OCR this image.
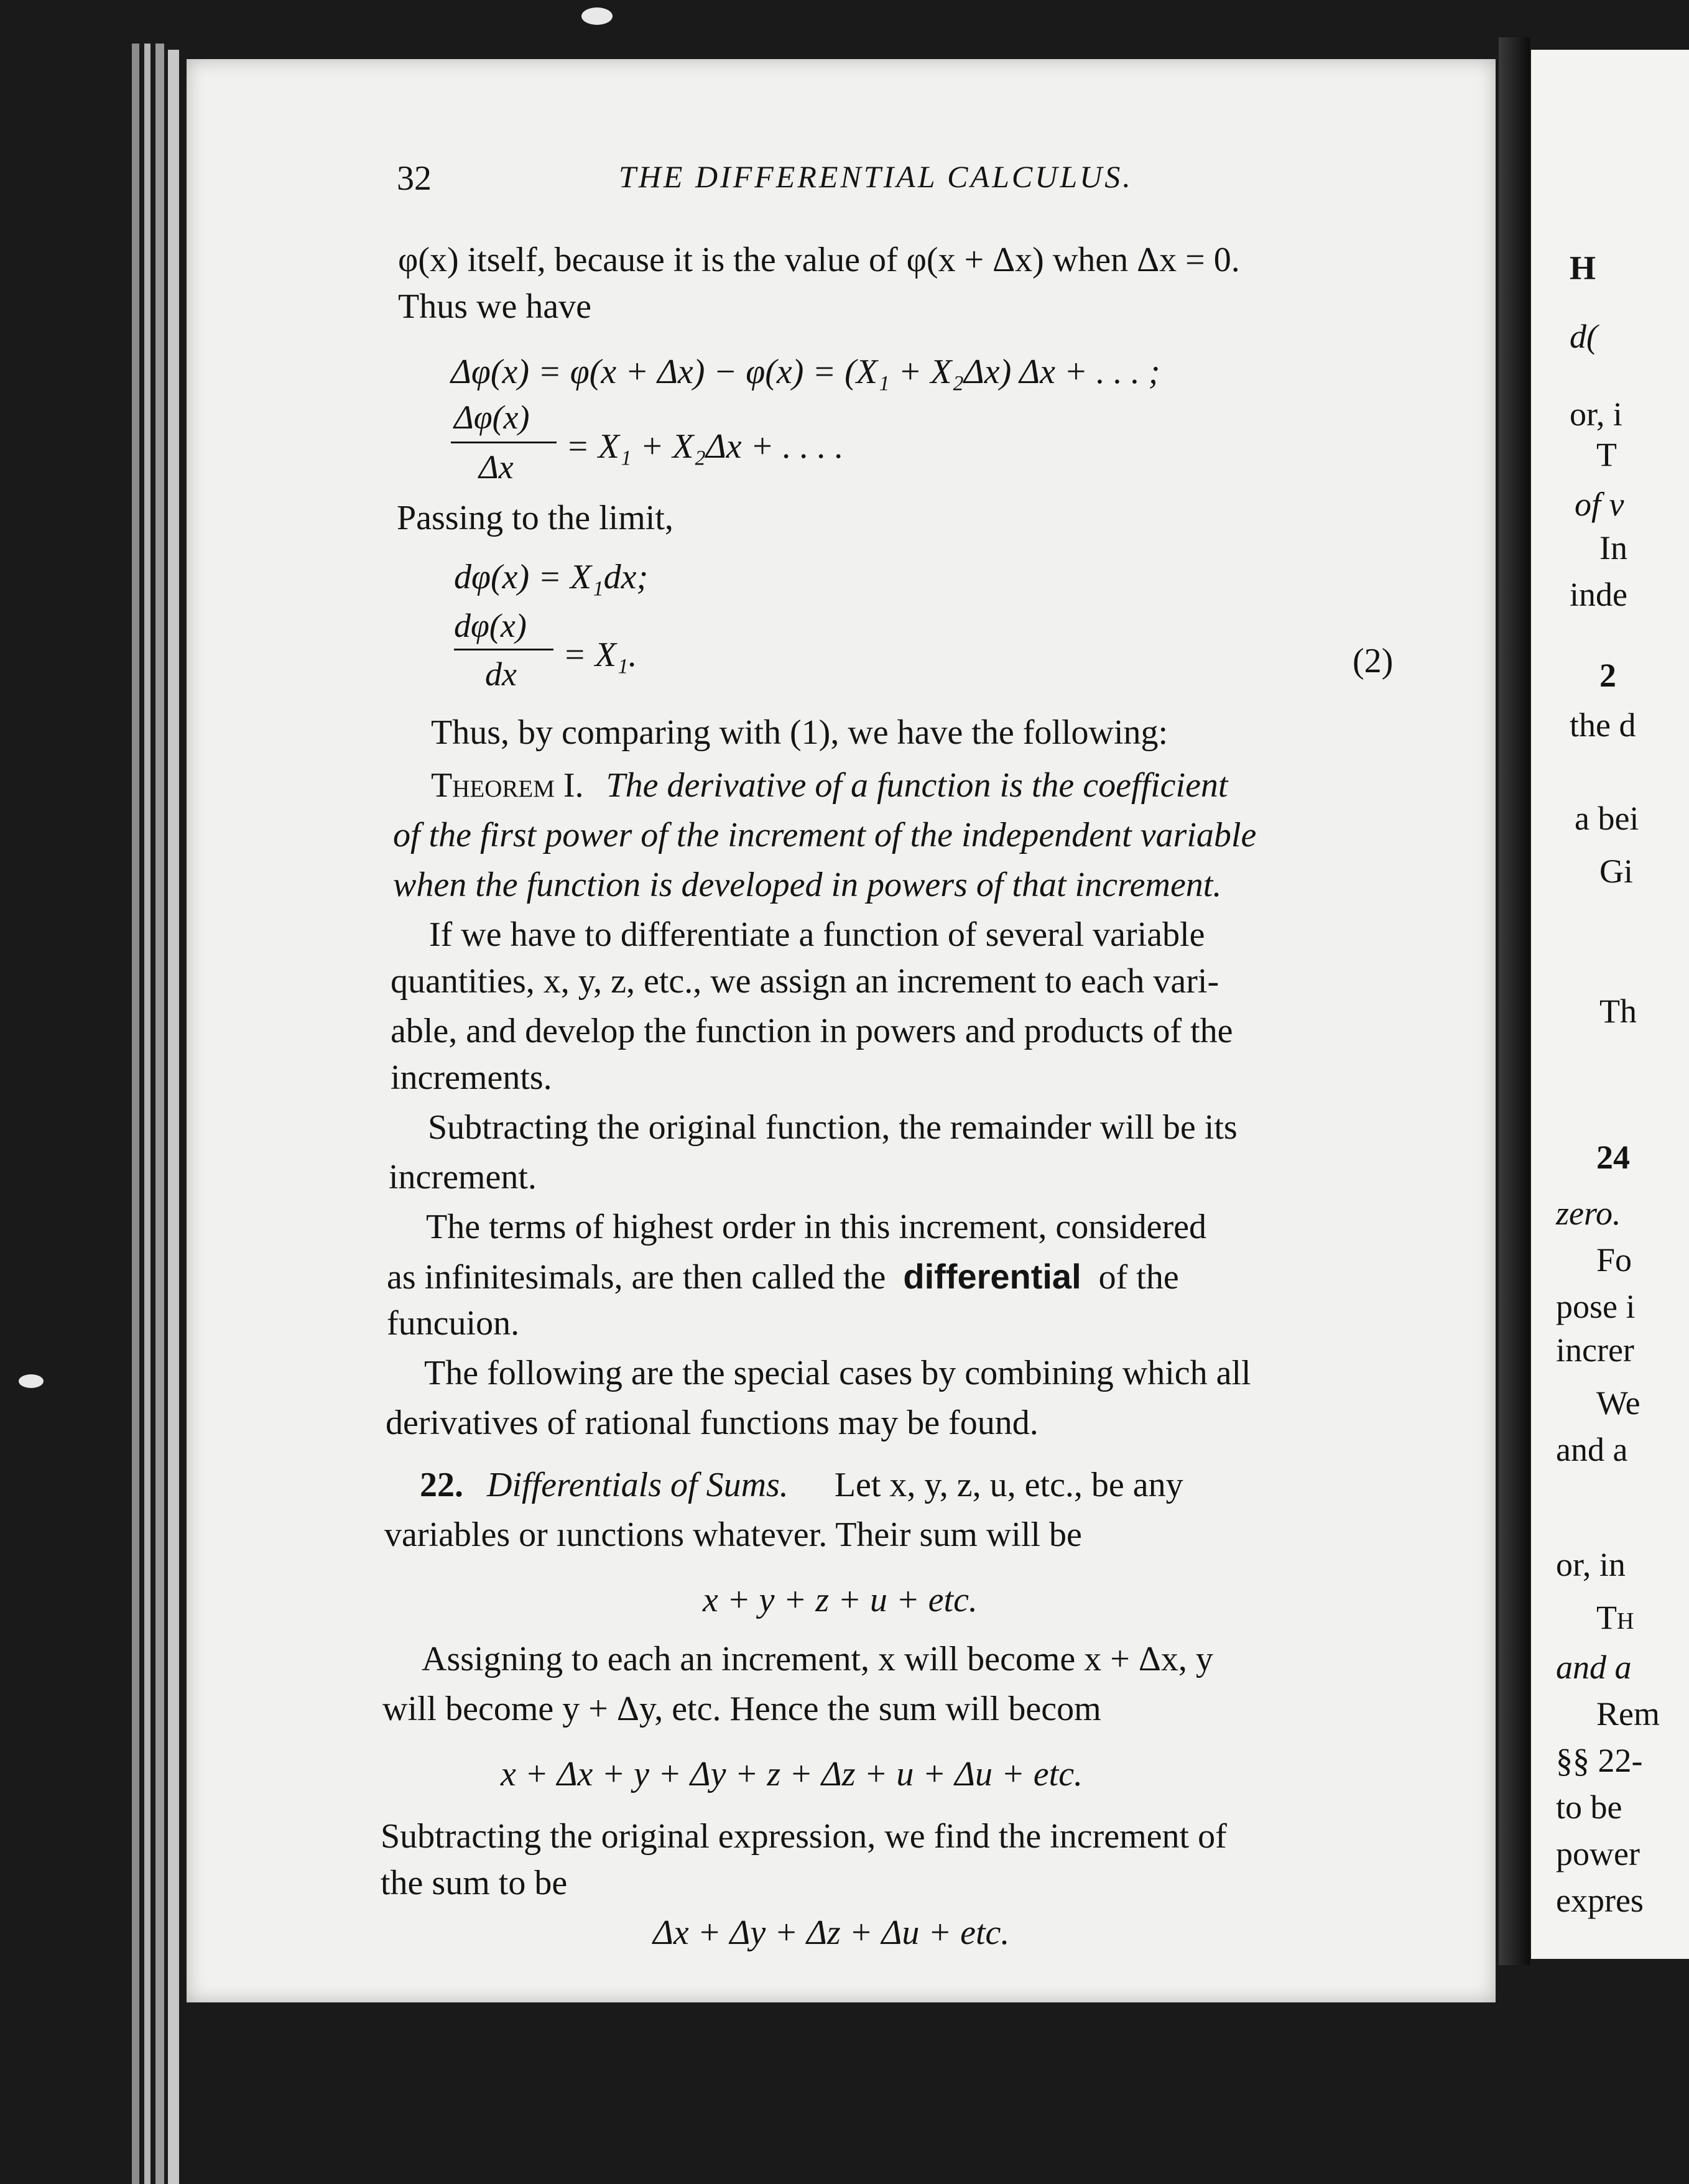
H
d(
or, i
T
of v
In
inde
2
the d
a bei
Gi
Th
24
zero.
Fo
pose i
increr
We
and a
or, in
Th
and a
Rem
§§ 22-
to be
power
expres
32	THE DIFFERENTIAL CALCULUS.
φ(x) itself, because it is the value of φ(x + Δx) when Δx = 0.
Thus we have
Δφ(x) = φ(x + Δx) − φ(x) = (X₁ + X₂Δx) Δx + . . . ;
Δφ(x)
Δx
= X₁ + X₂Δx + . . . .
Passing to the limit,
dφ(x) = X₁dx;
dφ(x)
dx = X₁.	(2)
Thus, by comparing with (1), we have the following:
Theorem I. The derivative of a function is the coefficient
of the first power of the increment of the independent variable
when the function is developed in powers of that increment.
If we have to differentiate a function of several variable
quantities, x, y, z, etc., we assign an increment to each vari-
able, and develop the function in powers and products of the
increments.
Subtracting the original function, the remainder will be its
increment.
The terms of highest order in this increment, considered
as infinitesimals, are then called the differential of the
funcuion.
The following are the special cases by combining which all
derivatives of rational functions may be found.
22. Differentials of Sums. Let x, y, z, u, etc., be any
variables or ıunctions whatever. Their sum will be
x + y + z + u + etc.
Assigning to each an increment, x will become x + Δx, y
will become y + Δy, etc. Hence the sum will becom
x + Δx + y + Δy + z + Δz + u + Δu + etc.
Subtracting the original expression, we find the increment of
the sum to be
Δx + Δy + Δz + Δu + etc.
